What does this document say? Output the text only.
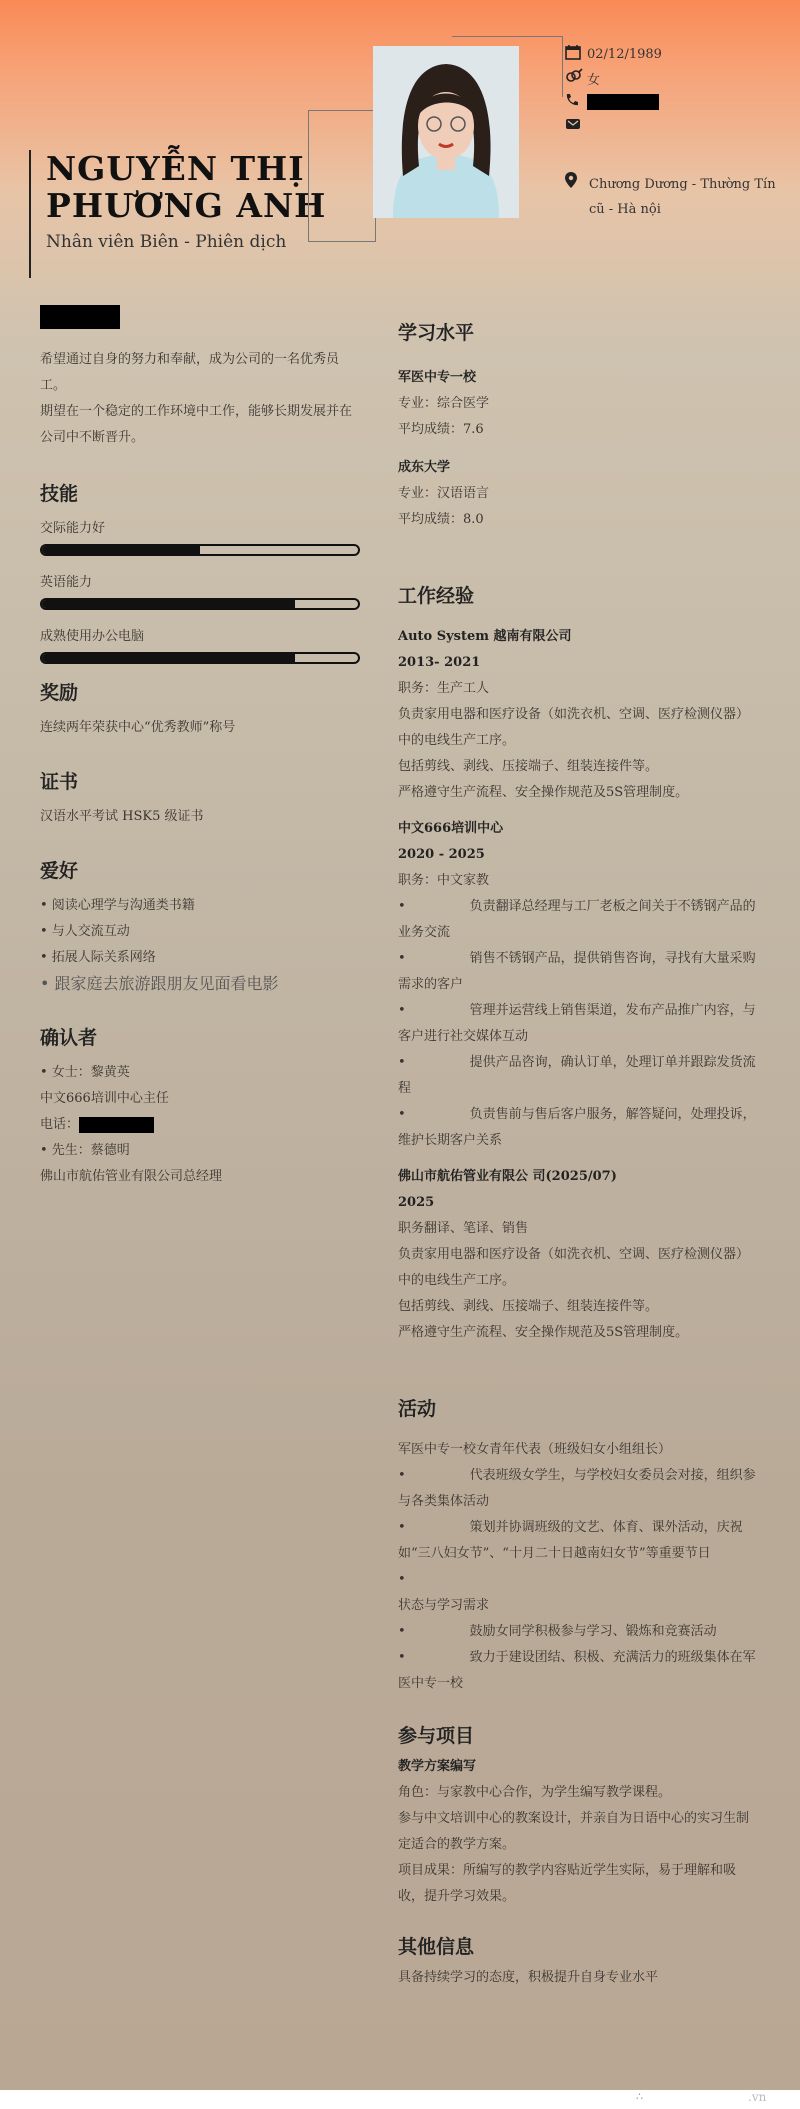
NGUYỄN THỊ
PHƯƠNG ANH
Nhân viên Biên - Phiên dịch
02/12/1989
女
Chương Dương - Thường Tín
cũ - Hà nội

希望通过自身的努力和奉献，成为公司的一名优秀员工。

期望在一个稳定的工作环境中工作，能够长期发展并在公司中不断晋升。

技能

交际能力好

英语能力

成熟使用办公电脑

奖励

连续两年荣获中心“优秀教师”称号

证书

汉语水平考试 HSK5 级证书

爱好

• 阅读心理学与沟通类书籍

• 与人交流互动

• 拓展人际关系网络

• 跟家庭去旅游跟朋友见面看电影

确认者

• 女士：黎黄英

中文666培训中心主任

电话：

• 先生：蔡德明

佛山市航佑管业有限公司总经理

学习水平

军医中专一校

专业：综合医学

平均成绩：7.6

成东大学

专业：汉语语言

平均成绩：8.0

工作经验

Auto System 越南有限公司

2013- 2021

职务：生产工人

负责家用电器和医疗设备（如洗衣机、空调、医疗检测仪器）中的电线生产工序。

包括剪线、剥线、压接端子、组装连接件等。

严格遵守生产流程、安全操作规范及5S管理制度。

中文666培训中心

2020 - 2025

职务：中文家教

•	负责翻译总经理与工厂老板之间关于不锈钢产品的业务交流

•	销售不锈钢产品，提供销售咨询，寻找有大量采购需求的客户

•	管理并运营线上销售渠道，发布产品推广内容，与客户进行社交媒体互动

•	提供产品咨询，确认订单，处理订单并跟踪发货流程

•	负责售前与售后客户服务，解答疑问，处理投诉，维护长期客户关系

佛山市航佑管业有限公 司(2025/07)

2025

职务翻译、笔译、销售

负责家用电器和医疗设备（如洗衣机、空调、医疗检测仪器）中的电线生产工序。

包括剪线、剥线、压接端子、组装连接件等。

严格遵守生产流程、安全操作规范及5S管理制度。

活动

军医中专一校女青年代表（班级妇女小组组长）

•	代表班级女学生，与学校妇女委员会对接，组织参与各类集体活动

•	策划并协调班级的文艺、体育、课外活动，庆祝如“三八妇女节”、“十月二十日越南妇女节”等重要节日

•

状态与学习需求

•	鼓励女同学积极参与学习、锻炼和竞赛活动

•	致力于建设团结、积极、充满活力的班级集体在军医中专一校

参与项目

教学方案编写

角色：与家教中心合作，为学生编写教学课程。

参与中文培训中心的教案设计，并亲自为日语中心的实习生制定适合的教学方案。

项目成果：所编写的教学内容贴近学生实际，易于理解和吸收，提升学习效果。

其他信息

具备持续学习的态度，积极提升自身专业水平

∴	.vn
